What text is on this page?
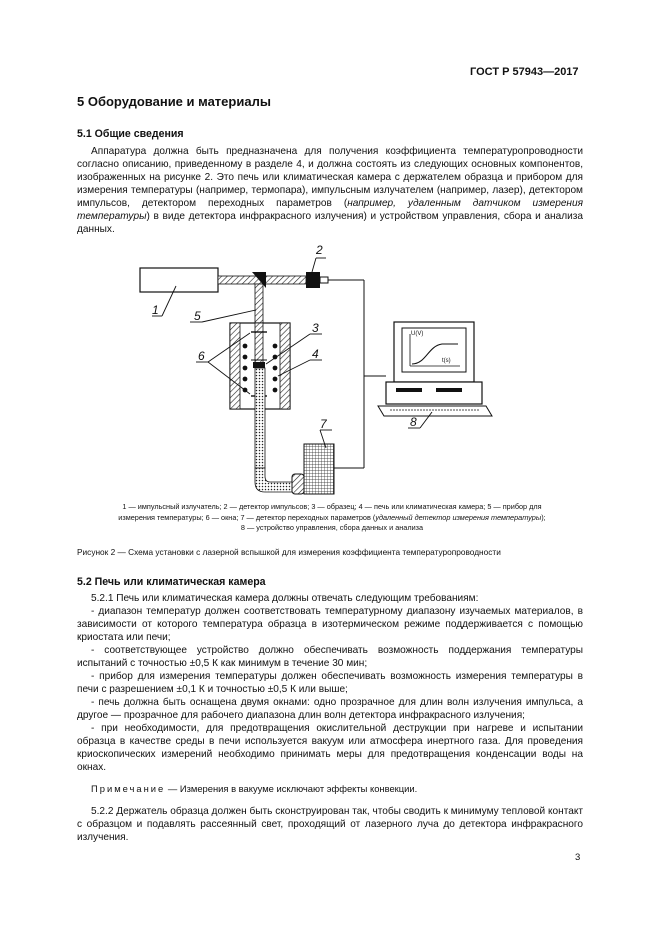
ГОСТ Р 57943—2017
5 Оборудование и материалы
5.1 Общие сведения

Аппаратура должна быть предназначена для получения коэффициента температуропроводности согласно описанию, приведенному в разделе 4, и должна состоять из следующих основных компонентов, изображенных на рисунке 2. Это печь или климатическая камера с держателем образца и прибором для измерения температуры (например, термопара), импульсным излучателем (например, лазер), детектором импульсов, детектором переходных параметров (например, удаленным датчиком измерения температуры) в виде детектора инфракрасного излучения) и устройством управления, сбора и анализа данных.

1
2
3
4
5
6
7	8
U(V)
t(s)
1 — импульсный излучатель; 2 — детектор импульсов; 3 — образец; 4 — печь или климатическая камера; 5 — прибор для
измерения температуры; 6 — окна; 7 — детектор переходных параметров (удаленный детектор измерения температуры);
8 — устройство управления, сбора данных и анализа
Рисунок 2 — Схема установки с лазерной вспышкой для измерения коэффициента температуропроводности
5.2 Печь или климатическая камера

5.2.1 Печь или климатическая камера должны отвечать следующим требованиям:

- диапазон температур должен соответствовать температурному диапазону изучаемых материалов, в зависимости от которого температура образца в изотермическом режиме поддерживается с помощью криостата или печи;

- соответствующее устройство должно обеспечивать возможность поддержания температуры испытаний с точностью ±0,5 К как минимум в течение 30 мин;

- прибор для измерения температуры должен обеспечивать возможность измерения температуры в печи с разрешением ±0,1 К и точностью ±0,5 К или выше;

- печь должна быть оснащена двумя окнами: одно прозрачное для длин волн излучения импульса, а другое — прозрачное для рабочего диапазона длин волн детектора инфракрасного излучения;

- при необходимости, для предотвращения окислительной деструкции при нагреве и испытании образца в качестве среды в печи используется вакуум или атмосфера инертного газа. Для проведения криоскопических измерений необходимо принимать меры для предотвращения конденсации воды на окнах.

Примечание — Измерения в вакууме исключают эффекты конвекции.

5.2.2 Держатель образца должен быть сконструирован так, чтобы сводить к минимуму тепловой контакт с образцом и подавлять рассеянный свет, проходящий от лазерного луча до детектора инфракрасного излучения.

3
